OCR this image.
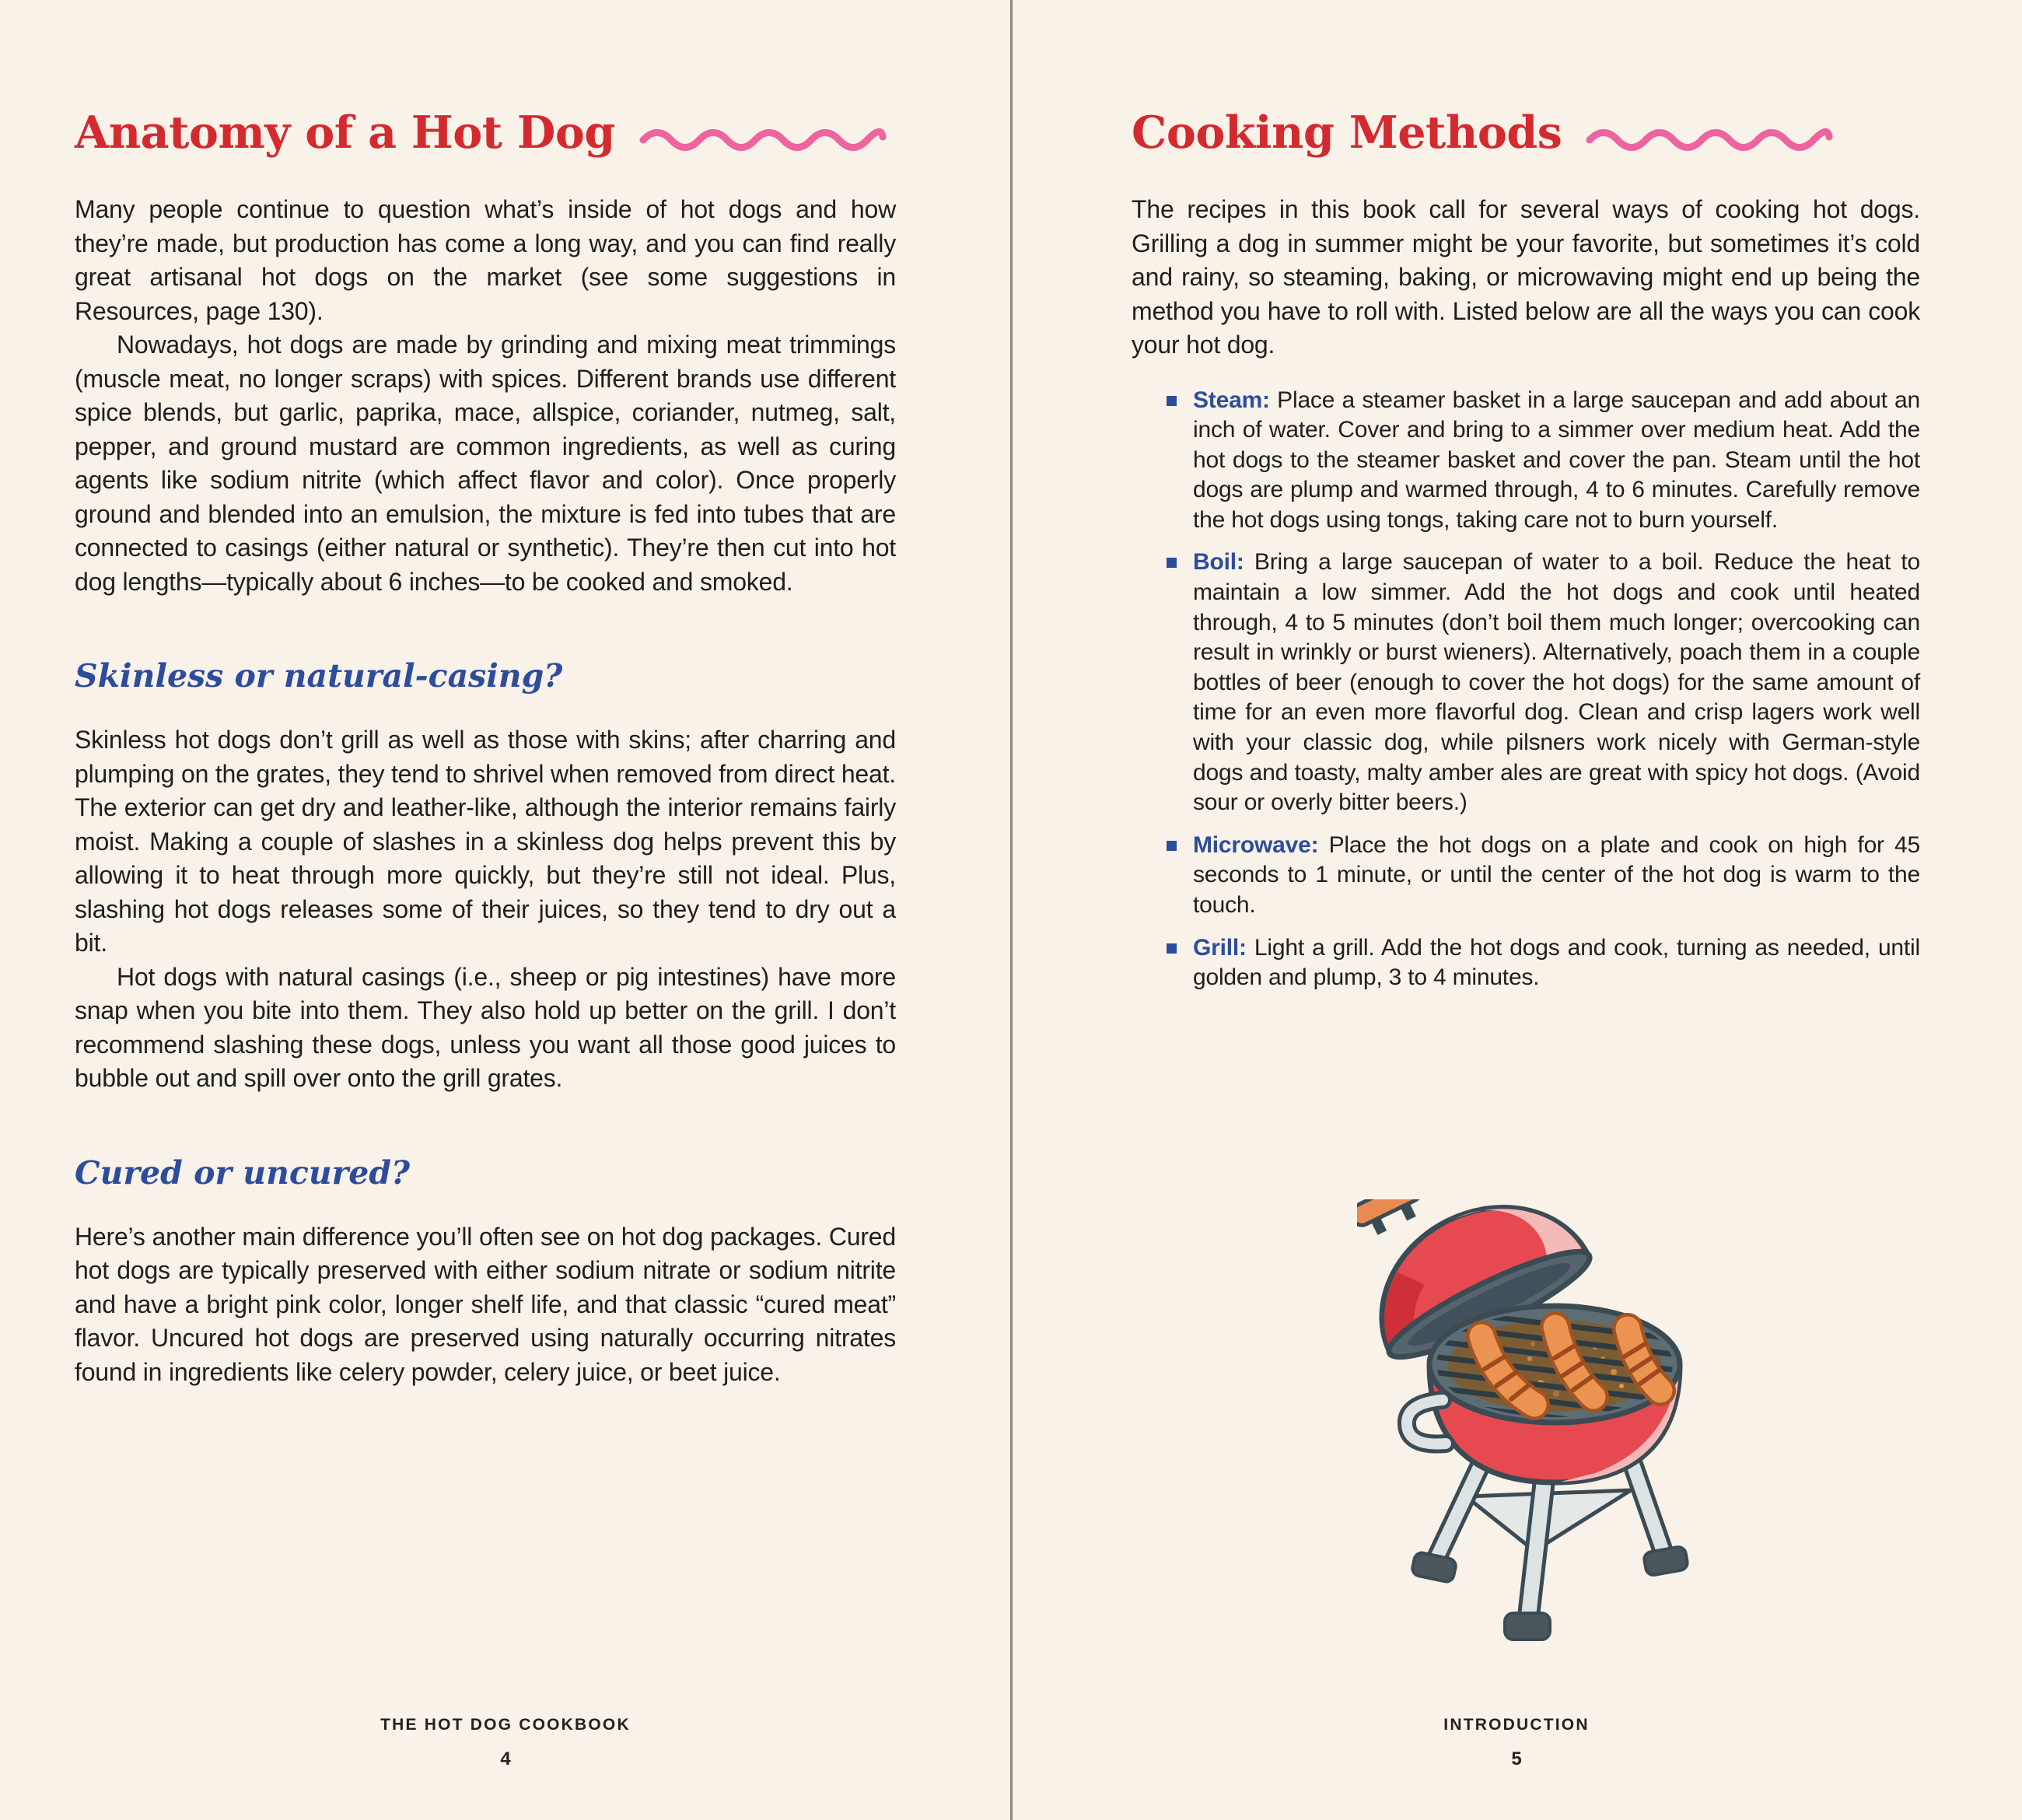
Anatomy of a Hot Dog

Many people continue to question what’s inside of hot dogs and how they’re made, but production has come a long way, and you can find really great artisanal hot dogs on the market (see some suggestions in Resources, page 130).

Nowadays, hot dogs are made by grinding and mixing meat trimmings (muscle meat, no longer scraps) with spices. Different brands use different spice blends, but garlic, paprika, mace, allspice, coriander, nutmeg, salt, pepper, and ground mustard are common ingredients, as well as curing agents like sodium nitrite (which affect flavor and color). Once properly ground and blended into an emulsion, the mixture is fed into tubes that are connected to casings (either natural or synthetic). They’re then cut into hot dog lengths—typically about 6 inches—to be cooked and smoked.

Skinless or natural-casing?

Skinless hot dogs don’t grill as well as those with skins; after charring and plumping on the grates, they tend to shrivel when removed from direct heat. The exterior can get dry and leather-like, although the interior remains fairly moist. Making a couple of slashes in a skinless dog helps prevent this by allowing it to heat through more quickly, but they’re still not ideal. Plus, slashing hot dogs releases some of their juices, so they tend to dry out a bit.

Hot dogs with natural casings (i.e., sheep or pig intestines) have more snap when you bite into them. They also hold up better on the grill. I don’t recommend slashing these dogs, unless you want all those good juices to bubble out and spill over onto the grill grates.

Cured or uncured?

Here’s another main difference you’ll often see on hot dog packages. Cured hot dogs are typically preserved with either sodium nitrate or sodium nitrite and have a bright pink color, longer shelf life, and that classic “cured meat” flavor. Uncured hot dogs are preserved using naturally occurring nitrates found in ingredients like celery powder, celery juice, or beet juice.

Cooking Methods

The recipes in this book call for several ways of cooking hot dogs. Grilling a dog in summer might be your favorite, but sometimes it’s cold and rainy, so steaming, baking, or microwaving might end up being the method you have to roll with. Listed below are all the ways you can cook your hot dog.

Steam: Place a steamer basket in a large saucepan and add about an inch of water. Cover and bring to a simmer over medium heat. Add the hot dogs to the steamer basket and cover the pan. Steam until the hot dogs are plump and warmed through, 4 to 6 minutes. Carefully remove the hot dogs using tongs, taking care not to burn yourself.

Boil: Bring a large saucepan of water to a boil. Reduce the heat to maintain a low simmer. Add the hot dogs and cook until heated through, 4 to 5 minutes (don’t boil them much longer; overcooking can result in wrinkly or burst wieners). Alternatively, poach them in a couple bottles of beer (enough to cover the hot dogs) for the same amount of time for an even more flavorful dog. Clean and crisp lagers work well with your classic dog, while pilsners work nicely with German-style dogs and toasty, malty amber ales are great with spicy hot dogs. (Avoid sour or overly bitter beers.)

Microwave: Place the hot dogs on a plate and cook on high for 45 seconds to 1 minute, or until the center of the hot dog is warm to the touch.

Grill: Light a grill. Add the hot dogs and cook, turning as needed, until golden and plump, 3 to 4 minutes.

THE HOT DOG COOKBOOK
4
INTRODUCTION
5
